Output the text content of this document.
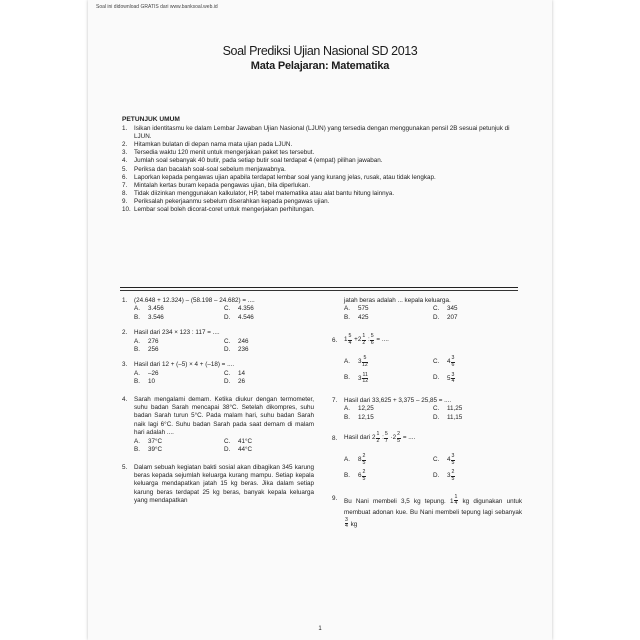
Soal ini didownload GRATIS dari www.banksoal.web.id
Soal Prediksi Ujian Nasional SD 2013
Mata Pelajaran: Matematika
PETUNJUK UMUM
1.	Isikan identitasmu ke dalam Lembar Jawaban Ujian Nasional (LJUN) yang tersedia dengan menggunakan pensil 2B sesuai petunjuk di LJUN.
2.	Hitamkan bulatan di depan nama mata ujian pada LJUN.
3.	Tersedia waktu 120 menit untuk mengerjakan paket tes tersebut.
4.	Jumlah soal sebanyak 40 butir, pada setiap butir soal terdapat 4 (empat) pilihan jawaban.
5.	Periksa dan bacalah soal-soal sebelum menjawabnya.
6.	Laporkan kepada pengawas ujian apabila terdapat lembar soal yang kurang jelas, rusak, atau tidak lengkap.
7.	Mintalah kertas buram kepada pengawas ujian, bila diperlukan.
8.	Tidak diizinkan menggunakan kalkulator, HP, tabel matematika atau alat bantu hitung lainnya.
9.	Periksalah pekerjaanmu sebelum diserahkan kepada pengawas ujian.
10. Lembar soal boleh dicorat-coret untuk mengerjakan perhitungan.
1. (24.648 + 12.324) – (58.198 – 24.682) = ....
A.	3.456	C.	4.356
B.	3.546	D.	4.546
2. Hasil dari 234 × 123 : 117 = ....
A.	276	C.	246
B.	256	D.	236
3. Hasil dari 12 + (–5) × 4 + (–18) = ....
A.	–26	C.	14
B.	10	D.	26
4. Sarah mengalami demam. Ketika diukur dengan termometer, suhu badan Sarah mencapai 38°C. Setelah dikompres, suhu badan Sarah turun 5°C. Pada malam hari, suhu badan Sarah naik lagi 6°C. Suhu badan Sarah pada saat demam di malam hari adalah ....
A.	37°C	C.	41°C
B.	39°C	D.	44°C
5. Dalam sebuah kegiatan bakti sosial akan dibagikan 345 karung beras kepada sejumlah keluarga kurang mampu. Setiap kepala keluarga mendapatkan jatah 15 kg beras. Jika dalam setiap karung beras terdapat 25 kg beras, banyak kepala keluarga yang mendapatkan
jatah beras adalah ... kepala keluarga.
A.	575	C.	345
B.	425	D.	207
6. $1 \frac{5}{4} +2 \frac{1}{2}$ : $\frac{5}{6}$ = ....
A.	$3 \frac{5}{12}$	C.	$4 \frac{3}{6}$
B.	$3 \frac{11}{12}$	D.	$5 \frac{3}{4}$
7. Hasil dari 33,625 + 3,375 – 25,85 = ....
A.	12,25	C.	11,25
B.	12,15	D.	11,15
8. Hasil dari $2 \frac{1}{2}$ : $\frac{5}{7} \cdot 2 \frac{2}{5}$ = ....
A.	$8 \frac{2}{5}$	C.	$4 \frac{3}{5}$
B.	$6 \frac{2}{5}$	D.	$3 \frac{2}{5}$
9. Bu Nani membeli 3,5 kg tepung. $1 \frac{1}{4}$ kg digunakan untuk membuat adonan kue. Bu Nani membeli tepung lagi sebanyak
$\frac{3}{4}$ kg
1
